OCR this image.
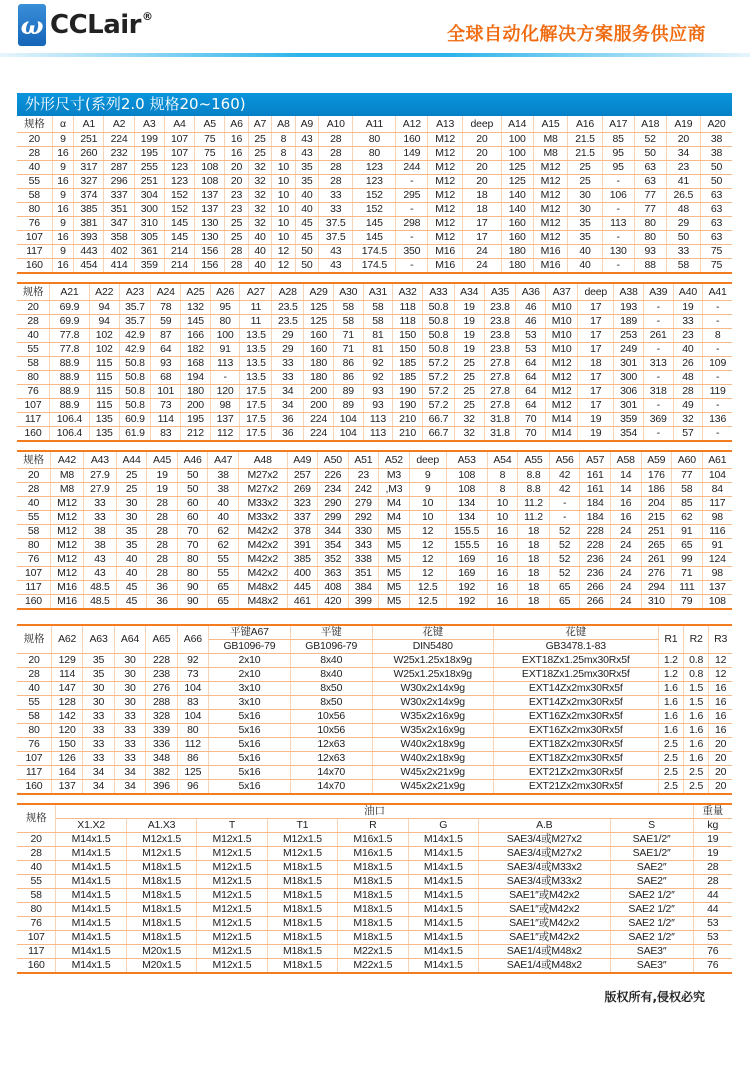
ω CCLair®
全球自动化解决方案服务供应商
外形尺寸(系列2.0 规格20~160)
规格	α	A1	A2	A3	A4	A5	A6	A7	A8	A9	A10	A11	A12	A13	deep	A14	A15	A16	A17	A18	A19	A20
20	9	251	224	199	107	75	16	25	8	43	28	80	160	M12	20	100	M8	21.5	85	52	20	38
28	16	260	232	195	107	75	16	25	8	43	28	80	149	M12	20	100	M8	21.5	95	50	34	38
40	9	317	287	255	123	108	20	32	10	35	28	123	244	M12	20	125	M12	25	95	63	23	50
55	16	327	296	251	123	108	20	32	10	35	28	123	-	M12	20	125	M12	25	-	63	41	50
58	9	374	337	304	152	137	23	32	10	40	33	152	295	M12	18	140	M12	30	106	77	26.5	63
80	16	385	351	300	152	137	23	32	10	40	33	152	-	M12	18	140	M12	30	-	77	48	63
76	9	381	347	310	145	130	25	32	10	45	37.5	145	298	M12	17	160	M12	35	113	80	29	63
107	16	393	358	305	145	130	25	40	10	45	37.5	145	-	M12	17	160	M12	35	-	80	50	63
117	9	443	402	361	214	156	28	40	12	50	43	174.5	350	M16	24	180	M16	40	130	93	33	75
160	16	454	414	359	214	156	28	40	12	50	43	174.5	-	M16	24	180	M16	40	-	88	58	75
规格	A21	A22	A23	A24	A25	A26	A27	A28	A29	A30	A31	A32	A33	A34	A35	A36	A37	deep	A38	A39	A40	A41
20	69.9	94	35.7	78	132	95	11	23.5	125	58	58	118	50.8	19	23.8	46	M10	17	193	-	19	-
28	69.9	94	35.7	59	145	80	11	23.5	125	58	58	118	50.8	19	23.8	46	M10	17	189	-	33	-
40	77.8	102	42.9	87	166	100	13.5	29	160	71	81	150	50.8	19	23.8	53	M10	17	253	261	23	8
55	77.8	102	42.9	64	182	91	13.5	29	160	71	81	150	50.8	19	23.8	53	M10	17	249	-	40	-
58	88.9	115	50.8	93	168	113	13.5	33	180	86	92	185	57.2	25	27.8	64	M12	18	301	313	26	109
80	88.9	115	50.8	68	194	-	13.5	33	180	86	92	185	57.2	25	27.8	64	M12	17	300	-	48	-
76	88.9	115	50.8	101	180	120	17.5	34	200	89	93	190	57.2	25	27.8	64	M12	17	306	318	28	119
107	88.9	115	50.8	73	200	98	17.5	34	200	89	93	190	57.2	25	27.8	64	M12	17	301	-	49	-
117	106.4	135	60.9	114	195	137	17.5	36	224	104	113	210	66.7	32	31.8	70	M14	19	359	369	32	136
160	106.4	135	61.9	83	212	112	17.5	36	224	104	113	210	66.7	32	31.8	70	M14	19	354	-	57	-
规格	A42	A43	A44	A45	A46	A47	A48	A49	A50	A51	A52	deep	A53	A54	A55	A56	A57	A58	A59	A60	A61
20	M8	27.9	25	19	50	38	M27x2	257	226	23	M3	9	108	8	8.8	42	161	14	176	77	104
28	M8	27.9	25	19	50	38	M27x2	269	234	242	,M3	9	108	8	8.8	42	161	14	186	58	84
40	M12	33	30	28	60	40	M33x2	323	290	279	M4	10	134	10	11.2	-	184	16	204	85	117
55	M12	33	30	28	60	40	M33x2	337	299	292	M4	10	134	10	11.2	-	184	16	215	62	98
58	M12	38	35	28	70	62	M42x2	378	344	330	M5	12	155.5	16	18	52	228	24	251	91	116
80	M12	38	35	28	70	62	M42x2	391	354	343	M5	12	155.5	16	18	52	228	24	265	65	91
76	M12	43	40	28	80	55	M42x2	385	352	338	M5	12	169	16	18	52	236	24	261	99	124
107	M12	43	40	28	80	55	M42x2	400	363	351	M5	12	169	16	18	52	236	24	276	71	98
117	M16	48.5	45	36	90	65	M48x2	445	408	384	M5	12.5	192	16	18	65	266	24	294	111	137
160	M16	48.5	45	36	90	65	M48x2	461	420	399	M5	12.5	192	16	18	65	266	24	310	79	108
规格	A62	A63	A64	A65	A66	平键A67	平键	花键	花键	R1	R2	R3
						GB1096-79	GB1096-79	DIN5480	GB3478.1-83			
20	129	35	30	228	92	2x10	8x40	W25x1.25x18x9g	EXT18Zx1.25mx30Rx5f	1.2	0.8	12
28	114	35	30	238	73	2x10	8x40	W25x1.25x18x9g	EXT18Zx1.25mx30Rx5f	1.2	0.8	12
40	147	30	30	276	104	3x10	8x50	W30x2x14x9g	EXT14Zx2mx30Rx5f	1.6	1.5	16
55	128	30	30	288	83	3x10	8x50	W30x2x14x9g	EXT14Zx2mx30Rx5f	1.6	1.5	16
58	142	33	33	328	104	5x16	10x56	W35x2x16x9g	EXT16Zx2mx30Rx5f	1.6	1.6	16
80	120	33	33	339	80	5x16	10x56	W35x2x16x9g	EXT16Zx2mx30Rx5f	1.6	1.6	16
76	150	33	33	336	112	5x16	12x63	W40x2x18x9g	EXT18Zx2mx30Rx5f	2.5	1.6	20
107	126	33	33	348	86	5x16	12x63	W40x2x18x9g	EXT18Zx2mx30Rx5f	2.5	1.6	20
117	164	34	34	382	125	5x16	14x70	W45x2x21x9g	EXT21Zx2mx30Rx5f	2.5	2.5	20
160	137	34	34	396	96	5x16	14x70	W45x2x21x9g	EXT21Zx2mx30Rx5f	2.5	2.5	20
规格	油口								重量
	X1.X2	A1.X3	T	T1	R	G	A.B	S	kg
20	M14x1.5	M12x1.5	M12x1.5	M12x1.5	M16x1.5	M14x1.5	SAE3/4或M27x2	SAE1/2″	19
28	M14x1.5	M12x1.5	M12x1.5	M12x1.5	M16x1.5	M14x1.5	SAE3/4或M27x2	SAE1/2″	19
40	M14x1.5	M18x1.5	M12x1.5	M18x1.5	M18x1.5	M14x1.5	SAE3/4或M33x2	SAE2″	28
55	M14x1.5	M18x1.5	M12x1.5	M18x1.5	M18x1.5	M14x1.5	SAE3/4或M33x2	SAE2″	28
58	M14x1.5	M18x1.5	M12x1.5	M18x1.5	M18x1.5	M14x1.5	SAE1″或M42x2	SAE2 1/2″	44
80	M14x1.5	M18x1.5	M12x1.5	M18x1.5	M18x1.5	M14x1.5	SAE1″或M42x2	SAE2 1/2″	44
76	M14x1.5	M18x1.5	M12x1.5	M18x1.5	M18x1.5	M14x1.5	SAE1″或M42x2	SAE2 1/2″	53
107	M14x1.5	M18x1.5	M12x1.5	M18x1.5	M18x1.5	M14x1.5	SAE1″或M42x2	SAE2 1/2″	53
117	M14x1.5	M20x1.5	M12x1.5	M18x1.5	M22x1.5	M14x1.5	SAE1/4或M48x2	SAE3″	76
160	M14x1.5	M20x1.5	M12x1.5	M18x1.5	M22x1.5	M14x1.5	SAE1/4或M48x2	SAE3″	76
版权所有,侵权必究
